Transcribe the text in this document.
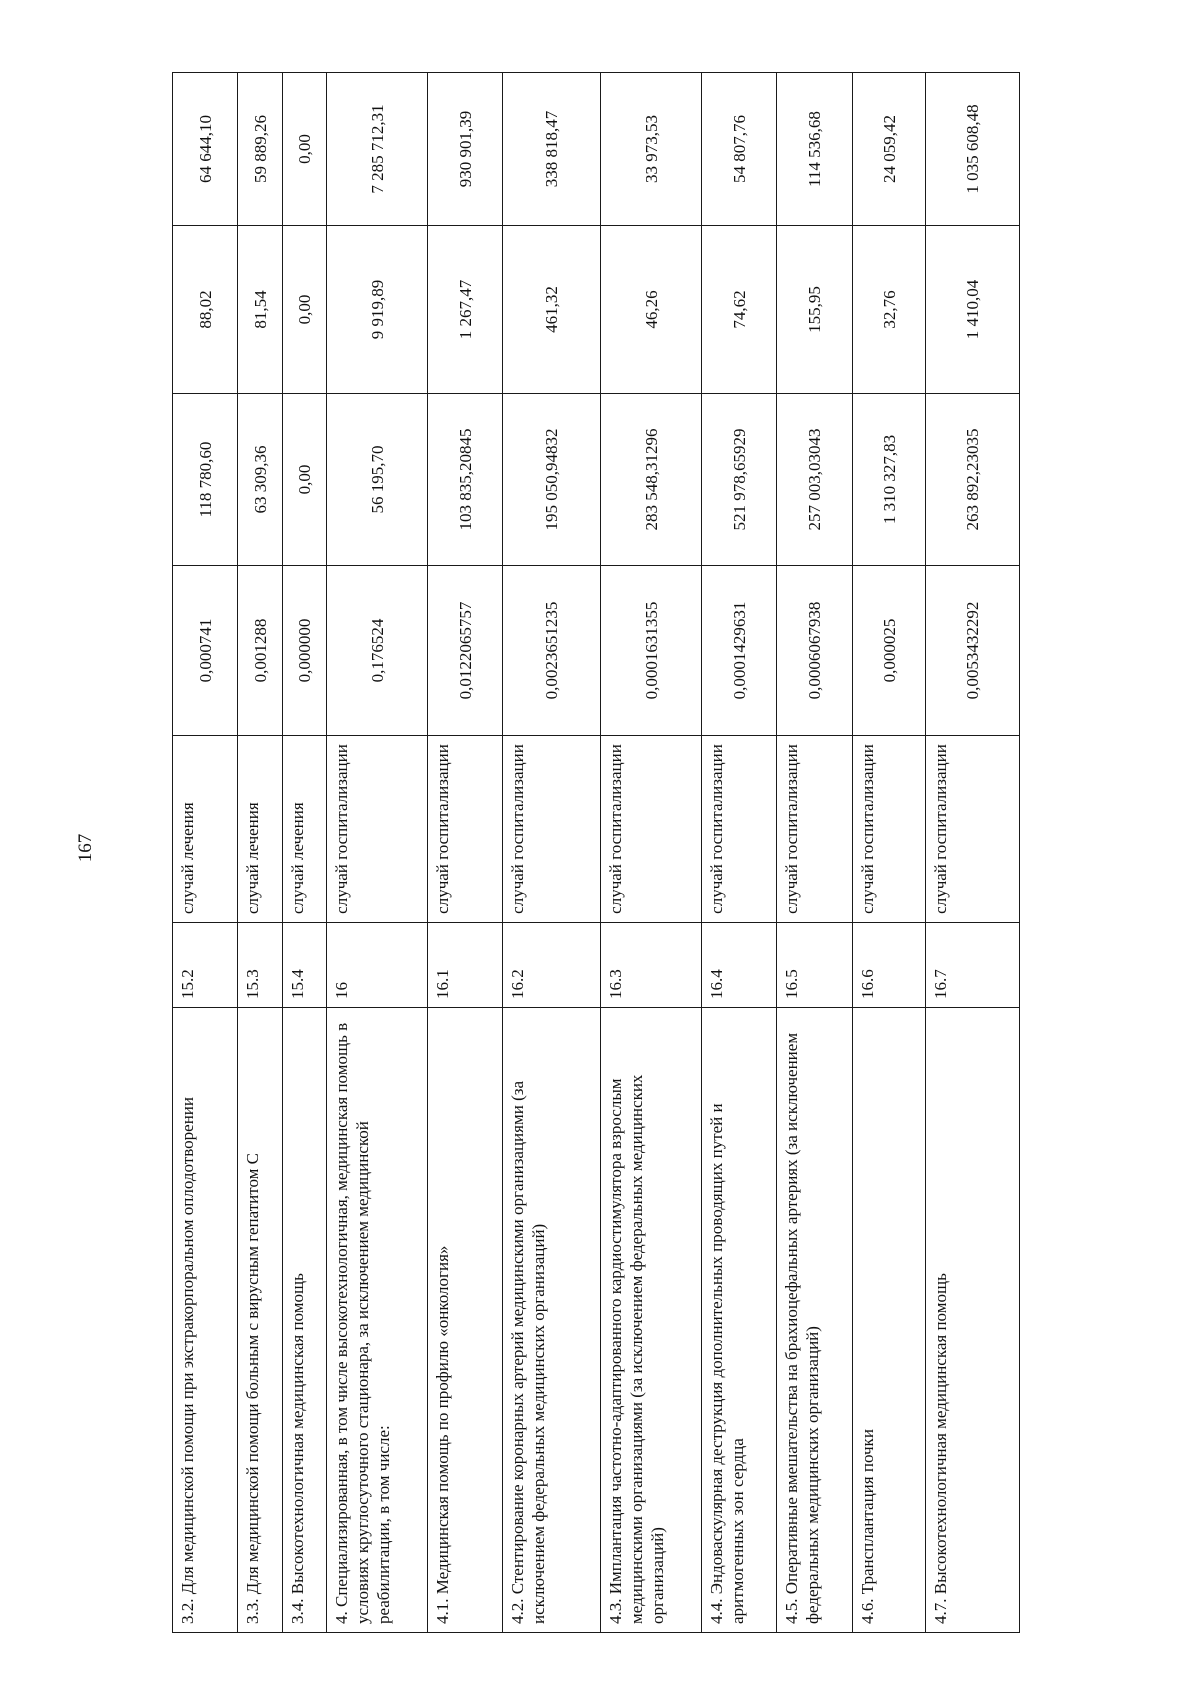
167
3.2. Для медицинской помощи при экстракорпоральном оплодотворении	15.2	случай лечения	0,000741	118 780,60	88,02	64 644,10
3.3. Для медицинской помощи больным с вирусным гепатитом С	15.3	случай лечения	0,001288	63 309,36	81,54	59 889,26
3.4. Высокотехнологичная медицинская помощь	15.4	случай лечения	0,000000	0,00	0,00	0,00
4. Специализированная, в том числе высокотехнологичная, медицинская помощь в условиях круглосуточного стационара, за исключением медицинской реабилитации, в том числе:	16	случай госпитализации	0,176524	56 195,70	9 919,89	7 285 712,31
4.1. Медицинская помощь по профилю «онкология»	16.1	случай госпитализации	0,0122065757	103 835,20845	1 267,47	930 901,39
4.2. Стентирование коронарных артерий медицинскими организациями (за исключением федеральных медицинских организаций)	16.2	случай госпитализации	0,0023651235	195 050,94832	461,32	338 818,47
4.3. Имплантация частотно-адаптированного кардиостимулятора взрослым медицинскими организациями (за исключением федеральных медицинских организаций)	16.3	случай госпитализации	0,0001631355	283 548,31296	46,26	33 973,53
4.4. Эндоваскулярная деструкция дополнительных проводящих путей и аритмогенных зон сердца	16.4	случай госпитализации	0,0001429631	521 978,65929	74,62	54 807,76
4.5. Оперативные вмешательства на брахиоцефальных артериях (за исключением федеральных медицинских организаций)	16.5	случай госпитализации	0,0006067938	257 003,03043	155,95	114 536,68
4.6. Трансплантация почки	16.6	случай госпитализации	0,000025	1 310 327,83	32,76	24 059,42
4.7. Высокотехнологичная медицинская помощь	16.7	случай госпитализации	0,0053432292	263 892,23035	1 410,04	1 035 608,48
